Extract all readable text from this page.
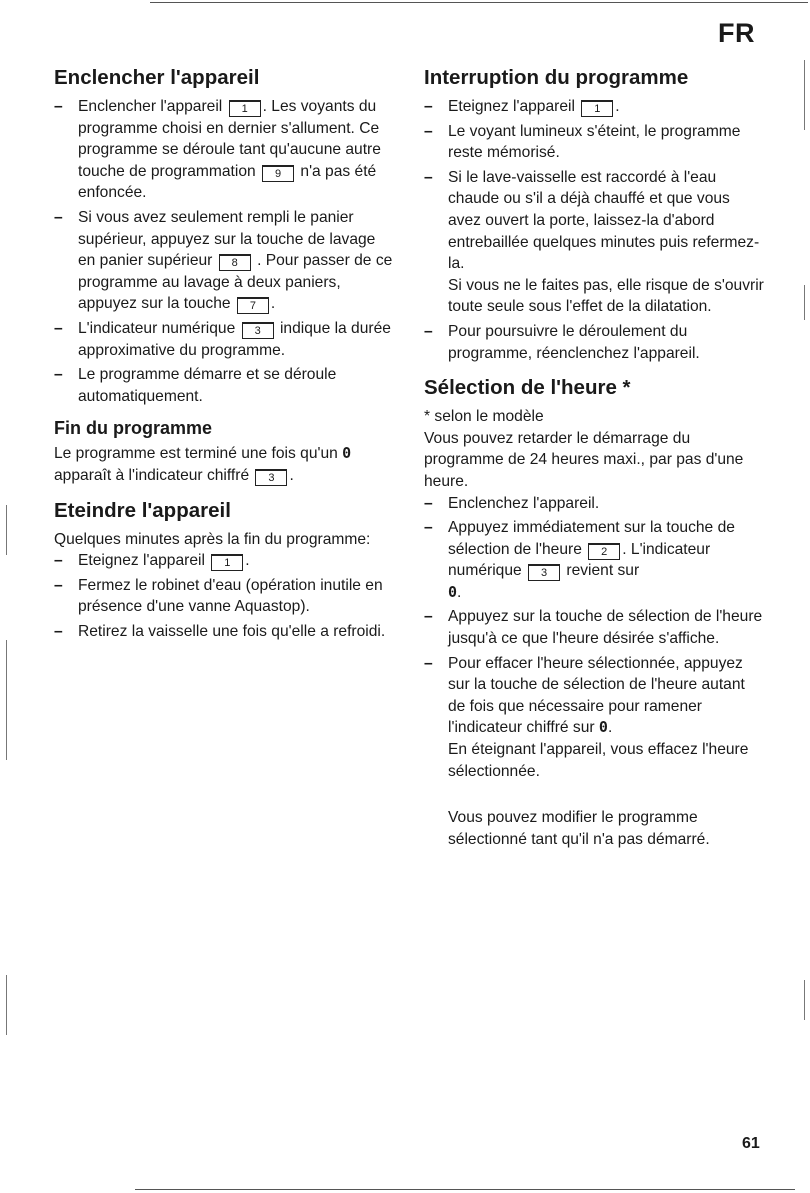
FR
Enclencher l'appareil
– Enclencher l'appareil 1 . Les voyants du programme choisi en dernier s'allument. Ce programme se déroule tant qu'aucune autre touche de programmation 9 n'a pas été enfoncée.
– Si vous avez seulement rempli le panier supérieur, appuyez sur la touche de lavage en panier supérieur 8 . Pour passer de ce programme au lavage à deux paniers, appuyez sur la touche 7 .
– L'indicateur numérique 3 indique la durée approximative du programme.
– Le programme démarre et se déroule automatiquement.
Fin du programme

Le programme est terminé une fois qu'un 0 apparaît à l'indicateur chiffré 3 .

Eteindre l'appareil

Quelques minutes après la fin du programme:

– Eteignez l'appareil 1 .
– Fermez le robinet d'eau (opération inutile en présence d'une vanne Aquastop).
– Retirez la vaisselle une fois qu'elle a refroidi.
Interruption du programme
– Eteignez l'appareil 1 .
– Le voyant lumineux s'éteint, le programme reste mémorisé.
– Si le lave-vaisselle est raccordé à l'eau chaude ou s'il a déjà chauffé et que vous avez ouvert la porte, laissez-la d'abord entrebaillée quelques minutes puis refermez-la.
Si vous ne le faites pas, elle risque de s'ouvrir toute seule sous l'effet de la dilatation.
– Pour poursuivre le déroulement du programme, réenclenchez l'appareil.
Sélection de l'heure *

* selon le modèle

Vous pouvez retarder le démarrage du programme de 24 heures maxi., par pas d'une heure.

– Enclenchez l'appareil.
– Appuyez immédiatement sur la touche de sélection de l'heure 2 . L'indicateur numérique 3 revient sur
0.
– Appuyez sur la touche de sélection de l'heure jusqu'à ce que l'heure désirée s'affiche.
– Pour effacer l'heure sélectionnée, appuyez sur la touche de sélection de l'heure autant de fois que nécessaire pour ramener l'indicateur chiffré sur 0.
En éteignant l'appareil, vous effacez l'heure sélectionnée.

Vous pouvez modifier le programme sélectionné tant qu'il n'a pas démarré.

61
